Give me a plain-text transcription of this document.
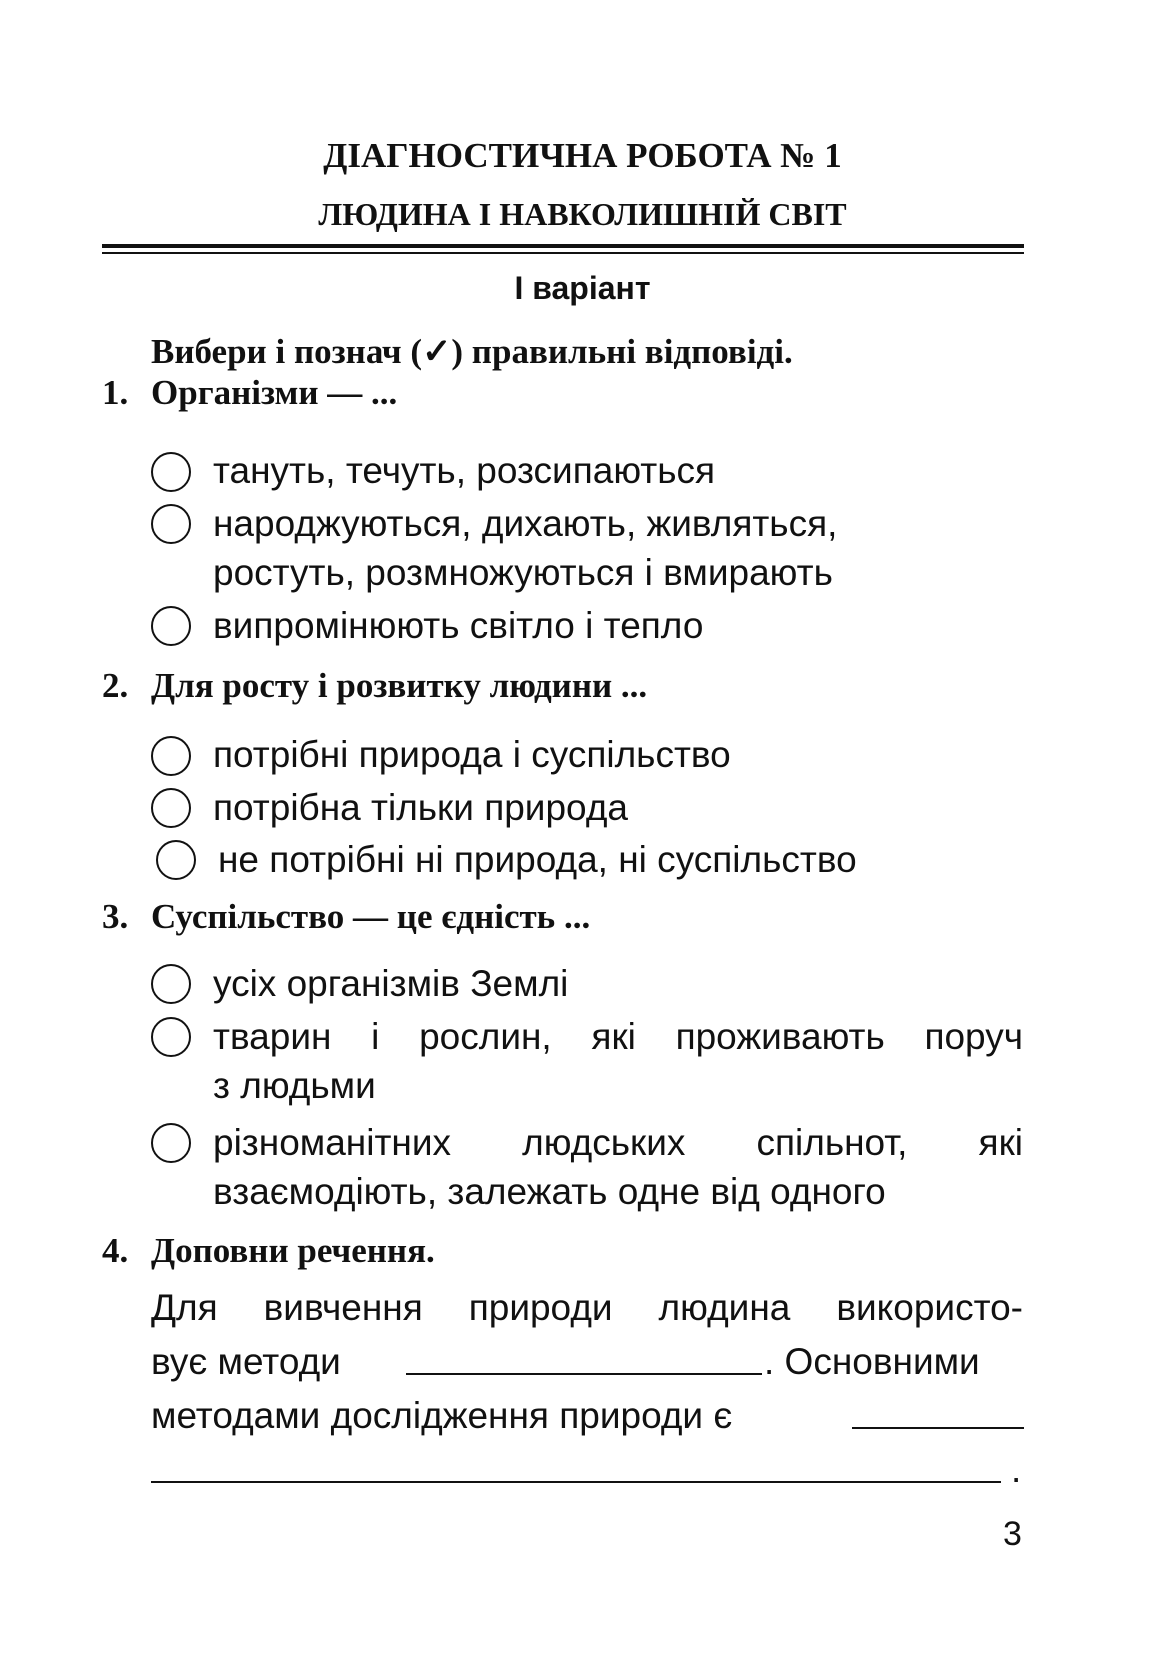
ДІАГНОСТИЧНА РОБОТА № 1
ЛЮДИНА І НАВКОЛИШНІЙ СВІТ
І варіант
Вибери і познач (✓) правильні відповіді.
1. Організми — ...
тануть, течуть, розсипаються
народжуються, дихають, живляться,
ростуть, розмножуються і вмирають
випромінюють світло і тепло
2. Для росту і розвитку людини ...
потрібні природа і суспільство
потрібна тільки природа
не потрібні ні природа, ні суспільство
3. Суспільство — це єдність ...
усіх організмів Землі
тварин і рослин, які проживають поруч
з людьми
різноманітних людських спільнот, які
взаємодіють, залежать одне від одного
4. Доповни речення.
Для вивчення природи людина використо-
вує методи	. Основними
методами дослідження природи є
.
3
